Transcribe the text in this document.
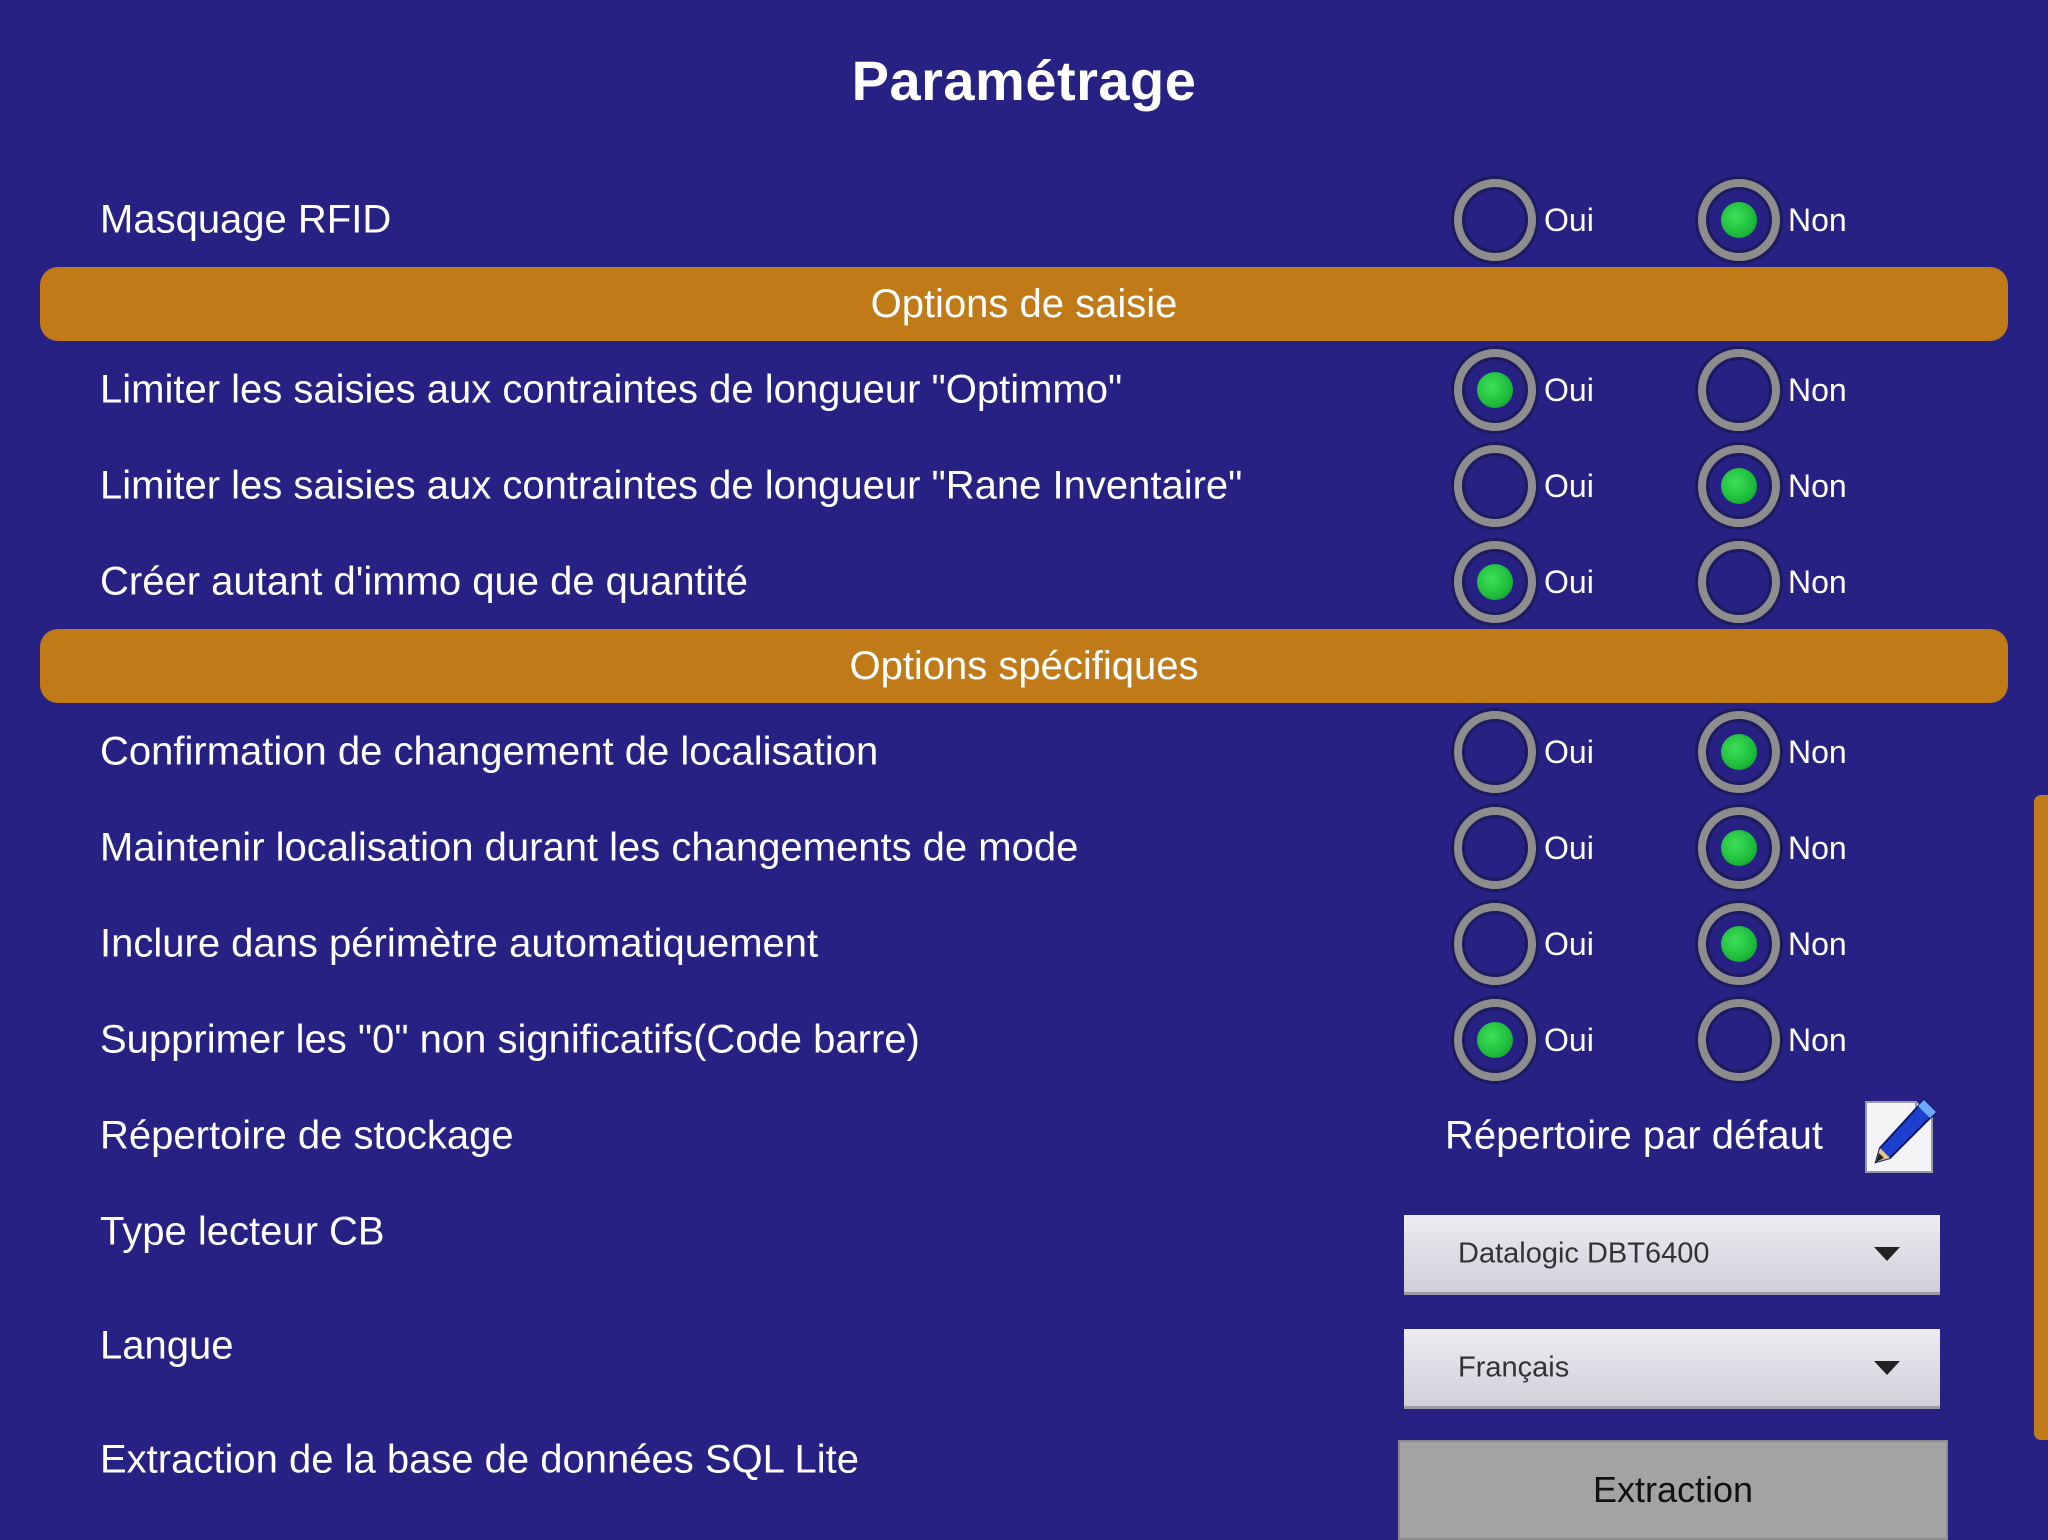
Paramétrage
Masquage RFID	Oui	Non
Options de saisie
Limiter les saisies aux contraintes de longueur "Optimmo"	Oui	Non
Limiter les saisies aux contraintes de longueur "Rane Inventaire"	Oui	Non
Créer autant d'immo que de quantité	Oui	Non
Options spécifiques
Confirmation de changement de localisation	Oui	Non
Maintenir localisation durant les changements de mode	Oui	Non
Inclure dans périmètre automatiquement	Oui	Non
Supprimer les "0" non significatifs(Code barre)	Oui	Non
Répertoire de stockage	Répertoire par défaut
Type lecteur CB	Datalogic DBT6400
Langue	Français
Extraction de la base de données SQL Lite
Extraction
